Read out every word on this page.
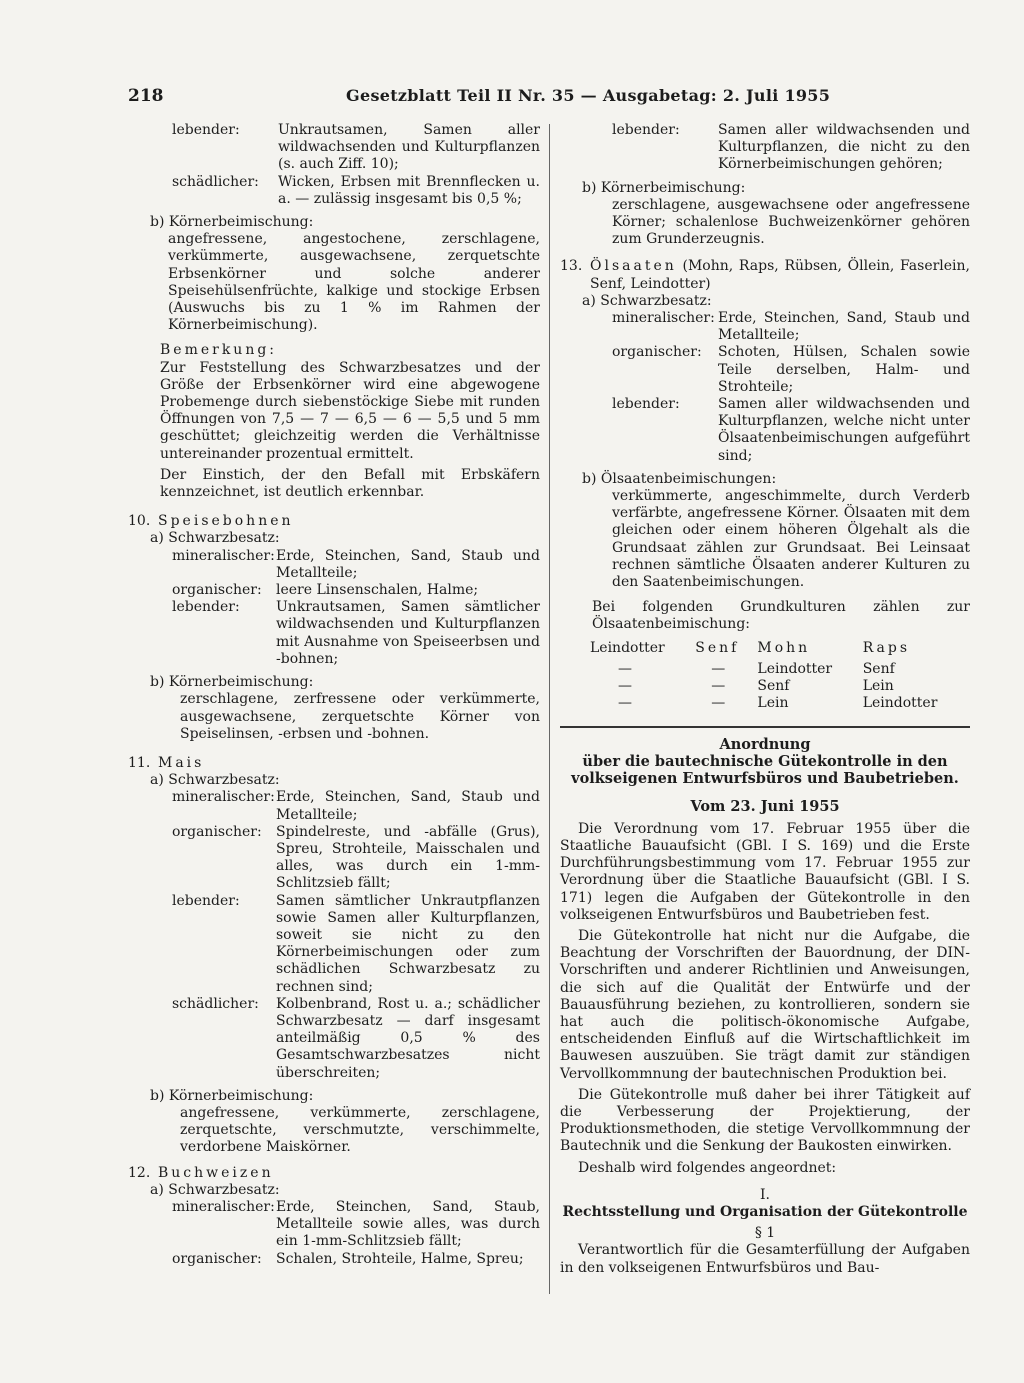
218	Gesetzblatt Teil II Nr. 35 — Ausgabetag: 2. Juli 1955
lebender:	Unkrautsamen, Samen aller wildwachsenden und Kulturpflanzen (s. auch Ziff. 10);
schädlicher:	Wicken, Erbsen mit Brennflecken u. a. — zulässig insgesamt bis 0,5 %;
b) Körnerbeimischung:
angefressene, angestochene, zerschlagene, verkümmerte, ausgewachsene, zerquetschte Erbsenkörner und solche anderer Speisehülsenfrüchte, kalkige und stockige Erbsen (Auswuchs bis zu 1 % im Rahmen der Körnerbeimischung).
Bemerkung:
Zur Feststellung des Schwarzbesatzes und der Größe der Erbsenkörner wird eine abgewogene Probemenge durch siebenstöckige Siebe mit runden Öffnungen von 7,5 — 7 — 6,5 — 6 — 5,5 und 5 mm geschüttet; gleichzeitig werden die Verhältnisse untereinander prozentual ermittelt.
Der Einstich, der den Befall mit Erbskäfern kennzeichnet, ist deutlich erkennbar.
10. Speisebohnen
a) Schwarzbesatz:
mineralischer: Erde, Steinchen, Sand, Staub und Metallteile;
organischer:	leere Linsenschalen, Halme;
lebender:	Unkrautsamen, Samen sämtlicher wildwachsenden und Kulturpflanzen mit Ausnahme von Speiseerbsen und -bohnen;
b) Körnerbeimischung:
zerschlagene, zerfressene oder verkümmerte, ausgewachsene, zerquetschte Körner von Speiselinsen, -erbsen und -bohnen.
11. Mais
a) Schwarzbesatz:
mineralischer: Erde, Steinchen, Sand, Staub und Metallteile;
organischer:	Spindelreste, und -abfälle (Grus), Spreu, Strohteile, Maisschalen und alles, was durch ein 1-mm-Schlitzsieb fällt;
lebender:	Samen sämtlicher Unkrautpflanzen sowie Samen aller Kulturpflanzen, soweit sie nicht zu den Körnerbeimischungen oder zum schädlichen Schwarzbesatz zu rechnen sind;
schädlicher:	Kolbenbrand, Rost u. a.; schädlicher Schwarzbesatz — darf insgesamt anteilmäßig 0,5 % des Gesamtschwarzbesatzes nicht überschreiten;
b) Körnerbeimischung:
angefressene, verkümmerte, zerschlagene, zerquetschte, verschmutzte, verschimmelte, verdorbene Maiskörner.
12. Buchweizen
a) Schwarzbesatz:
mineralischer: Erde, Steinchen, Sand, Staub, Metallteile sowie alles, was durch ein 1-mm-Schlitzsieb fällt;
organischer:	Schalen, Strohteile, Halme, Spreu;
lebender:	Samen aller wildwachsenden und Kulturpflanzen, die nicht zu den Körnerbeimischungen gehören;
b) Körnerbeimischung:
zerschlagene, ausgewachsene oder angefressene Körner; schalenlose Buchweizenkörner gehören zum Grunderzeugnis.
13. Ölsaaten (Mohn, Raps, Rübsen, Öllein, Faserlein, Senf, Leindotter)
a) Schwarzbesatz:
mineralischer: Erde, Steinchen, Sand, Staub und Metallteile;
organischer:	Schoten, Hülsen, Schalen sowie Teile derselben, Halm- und Strohteile;
lebender:	Samen aller wildwachsenden und Kulturpflanzen, welche nicht unter Ölsaatenbeimischungen aufgeführt sind;
b) Ölsaatenbeimischungen:
verkümmerte, angeschimmelte, durch Verderb verfärbte, angefressene Körner. Ölsaaten mit dem gleichen oder einem höheren Ölgehalt als die Grundsaat zählen zur Grundsaat. Bei Leinsaat rechnen sämtliche Ölsaaten anderer Kulturen zu den Saatenbeimischungen.
Bei folgenden Grundkulturen zählen zur Ölsaatenbeimischung:
Leindotter	Senf	Mohn	Raps
—	—	Leindotter	Senf
—	—	Senf	Lein
—	—	Lein	Leindotter
Anordnung
über die bautechnische Gütekontrolle in den volkseigenen Entwurfsbüros und Baubetrieben.
Vom 23. Juni 1955
Die Verordnung vom 17. Februar 1955 über die Staatliche Bauaufsicht (GBl. I S. 169) und die Erste Durchführungsbestimmung vom 17. Februar 1955 zur Verordnung über die Staatliche Bauaufsicht (GBl. I S. 171) legen die Aufgaben der Gütekontrolle in den volkseigenen Entwurfsbüros und Baubetrieben fest.
Die Gütekontrolle hat nicht nur die Aufgabe, die Beachtung der Vorschriften der Bauordnung, der DIN-Vorschriften und anderer Richtlinien und Anweisungen, die sich auf die Qualität der Entwürfe und der Bauausführung beziehen, zu kontrollieren, sondern sie hat auch die politisch-ökonomische Aufgabe, entscheidenden Einfluß auf die Wirtschaftlichkeit im Bauwesen auszuüben. Sie trägt damit zur ständigen Vervollkommnung der bautechnischen Produktion bei.
Die Gütekontrolle muß daher bei ihrer Tätigkeit auf die Verbesserung der Projektierung, der Produktionsmethoden, die stetige Vervollkommnung der Bautechnik und die Senkung der Baukosten einwirken.
Deshalb wird folgendes angeordnet:
I.
Rechtsstellung und Organisation der Gütekontrolle
§ 1
Verantwortlich für die Gesamterfüllung der Aufgaben in den volkseigenen Entwurfsbüros und Bau-
